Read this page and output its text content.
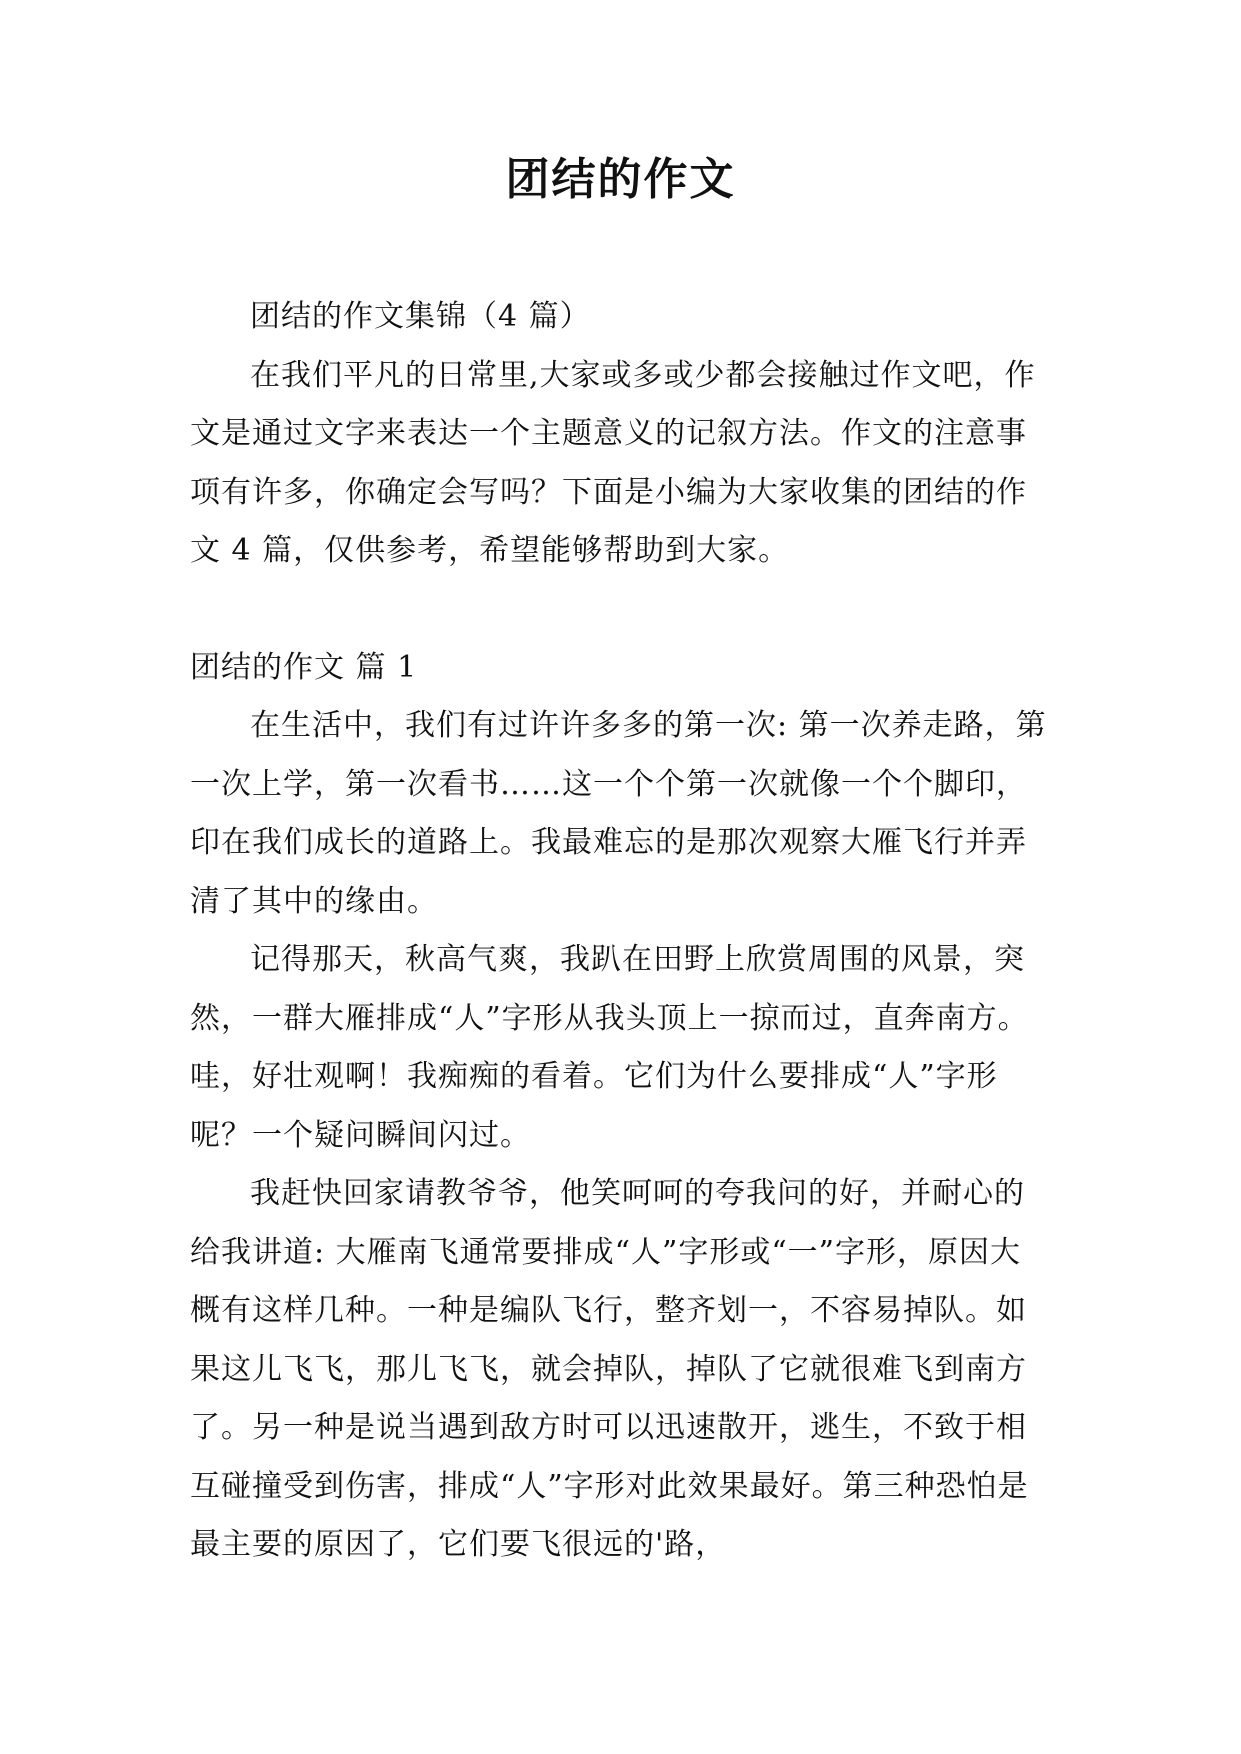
团结的作文

团结的作文集锦（4 篇）

在我们平凡的日常里,大家或多或少都会接触过作文吧，作文是通过文字来表达一个主题意义的记叙方法。作文的注意事项有许多，你确定会写吗？下面是小编为大家收集的团结的作文 4 篇，仅供参考，希望能够帮助到大家。

团结的作文 篇 1

在生活中，我们有过许许多多的第一次: 第一次养走路，第一次上学，第一次看书……这一个个第一次就像一个个脚印，印在我们成长的道路上。我最难忘的是那次观察大雁飞行并弄清了其中的缘由。

记得那天，秋高气爽，我趴在田野上欣赏周围的风景，突然，一群大雁排成“人”字形从我头顶上一掠而过，直奔南方。哇，好壮观啊！我痴痴的看着。它们为什么要排成“人”字形呢？一个疑问瞬间闪过。

我赶快回家请教爷爷，他笑呵呵的夸我问的好，并耐心的给我讲道: 大雁南飞通常要排成“人”字形或“一”字形，原因大概有这样几种。一种是编队飞行，整齐划一，不容易掉队。如果这儿飞飞，那儿飞飞，就会掉队，掉队了它就很难飞到南方了。另一种是说当遇到敌方时可以迅速散开，逃生，不致于相互碰撞受到伤害，排成“人”字形对此效果最好。第三种恐怕是最主要的原因了，它们要飞很远的'路，
